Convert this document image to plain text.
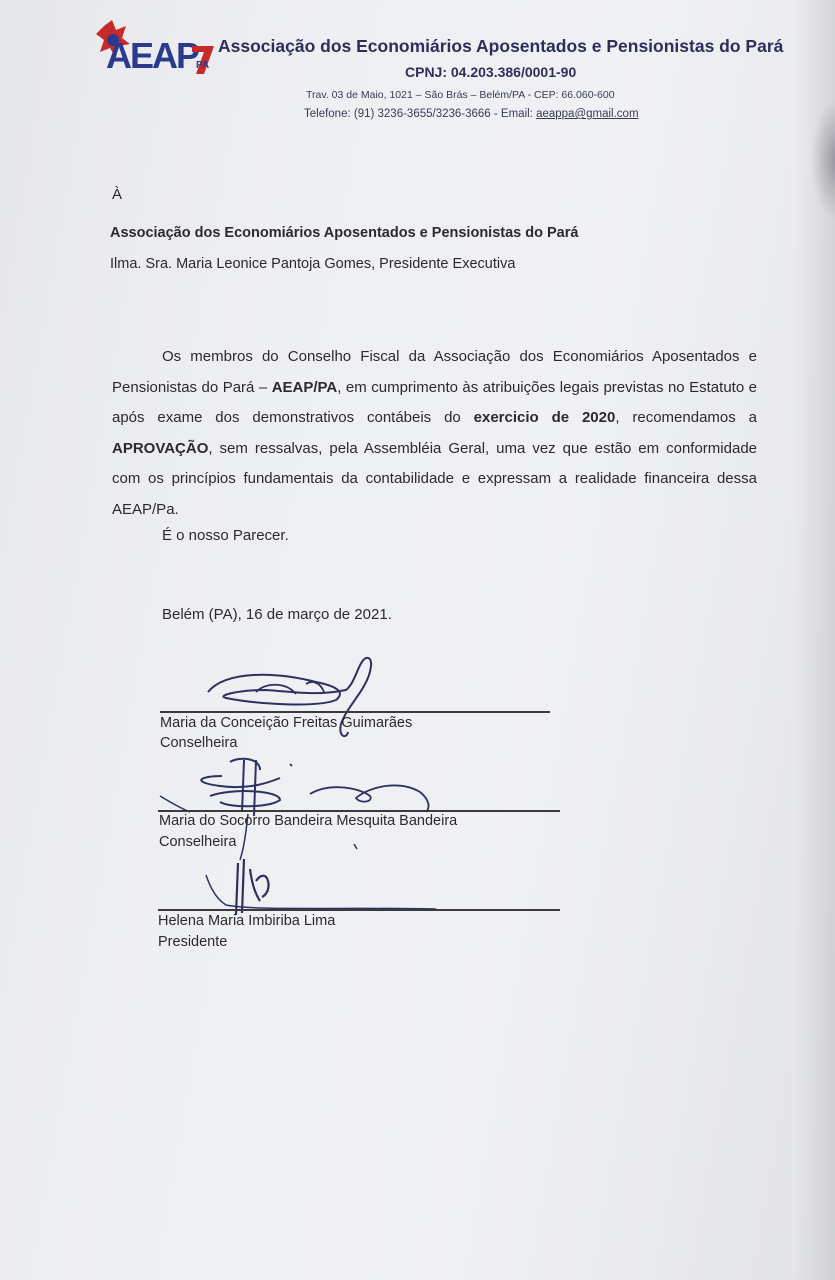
AEAP
PA
Associação dos Economiários Aposentados e Pensionistas do Pará
CPNJ: 04.203.386/0001-90
Trav. 03 de Maio, 1021 – São Brás – Belém/PA - CEP: 66.060-600
Telefone: (91) 3236-3655/3236-3666 - Email: aeappa@gmail.com
À
Associação dos Economiários Aposentados e Pensionistas do Pará
Ilma. Sra. Maria Leonice Pantoja Gomes, Presidente Executiva

Os membros do Conselho Fiscal da Associação dos Economiários Aposentados e Pensionistas do Pará – AEAP/PA, em cumprimento às atribuições legais previstas no Estatuto e após exame dos demonstrativos contábeis do exercicio de 2020, recomendamos a APROVAÇÃO, sem ressalvas, pela Assembléia Geral, uma vez que estão em conformidade com os princípios fundamentais da contabilidade e expressam a realidade financeira dessa AEAP/Pa.

É o nosso Parecer.
Belém (PA), 16 de março de 2021.
Maria da Conceição Freitas Guimarães
Conselheira
Maria do Socorro Bandeira Mesquita Bandeira
Conselheira
Helena Maria Imbiriba Lima
Presidente
